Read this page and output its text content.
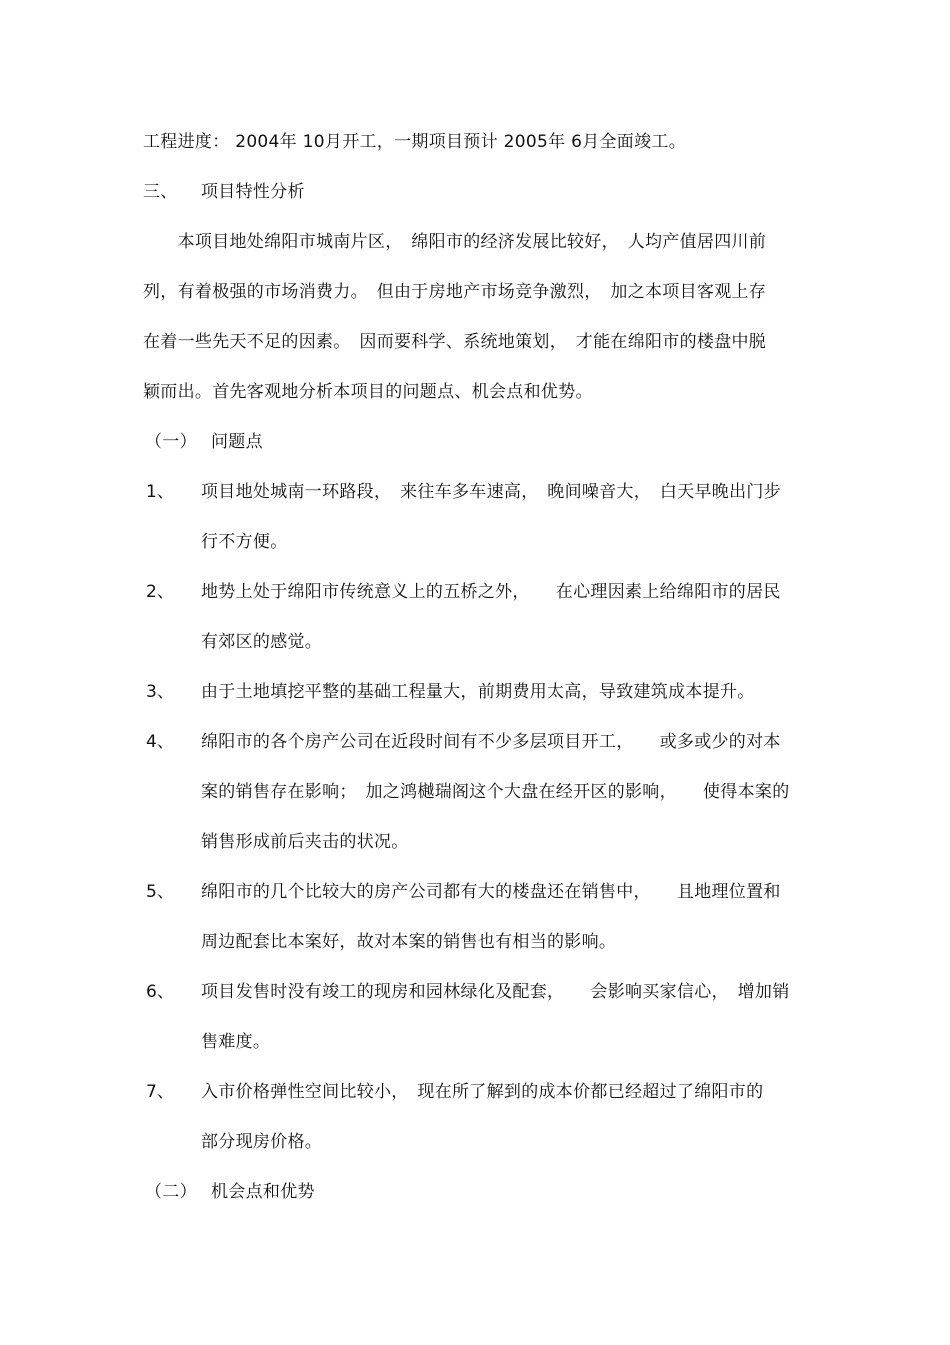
工程进度： 2004年 10月开工，一期项目预计 2005年 6月全面竣工。
三、 项目特性分析
　　本项目地处绵阳市城南片区，　绵阳市的经济发展比较好，　人均产值居四川前
列，有着极强的市场消费力。　但由于房地产市场竞争激烈，　加之本项目客观上存
在着一些先天不足的因素。　因而要科学、系统地策划，　才能在绵阳市的楼盘中脱
颖而出。首先客观地分析本项目的问题点、机会点和优势。
（一） 问题点
1、 项目地处城南一环路段，　来往车多车速高，　晚间噪音大，　白天早晚出门步
行不方便。
2、 地势上处于绵阳市传统意义上的五桥之外，　　在心理因素上给绵阳市的居民
有郊区的感觉。
3、 由于土地填挖平整的基础工程量大，前期费用太高，导致建筑成本提升。
4、 绵阳市的各个房产公司在近段时间有不少多层项目开工，　　或多或少的对本
案的销售存在影响；　加之鸿樾瑞阁这个大盘在经开区的影响，　　使得本案的
销售形成前后夹击的状况。
5、 绵阳市的几个比较大的房产公司都有大的楼盘还在销售中，　　且地理位置和
周边配套比本案好，故对本案的销售也有相当的影响。
6、 项目发售时没有竣工的现房和园林绿化及配套，　　会影响买家信心，　增加销
售难度。
7、 入市价格弹性空间比较小，　现在所了解到的成本价都已经超过了绵阳市的
部分现房价格。
（二） 机会点和优势
